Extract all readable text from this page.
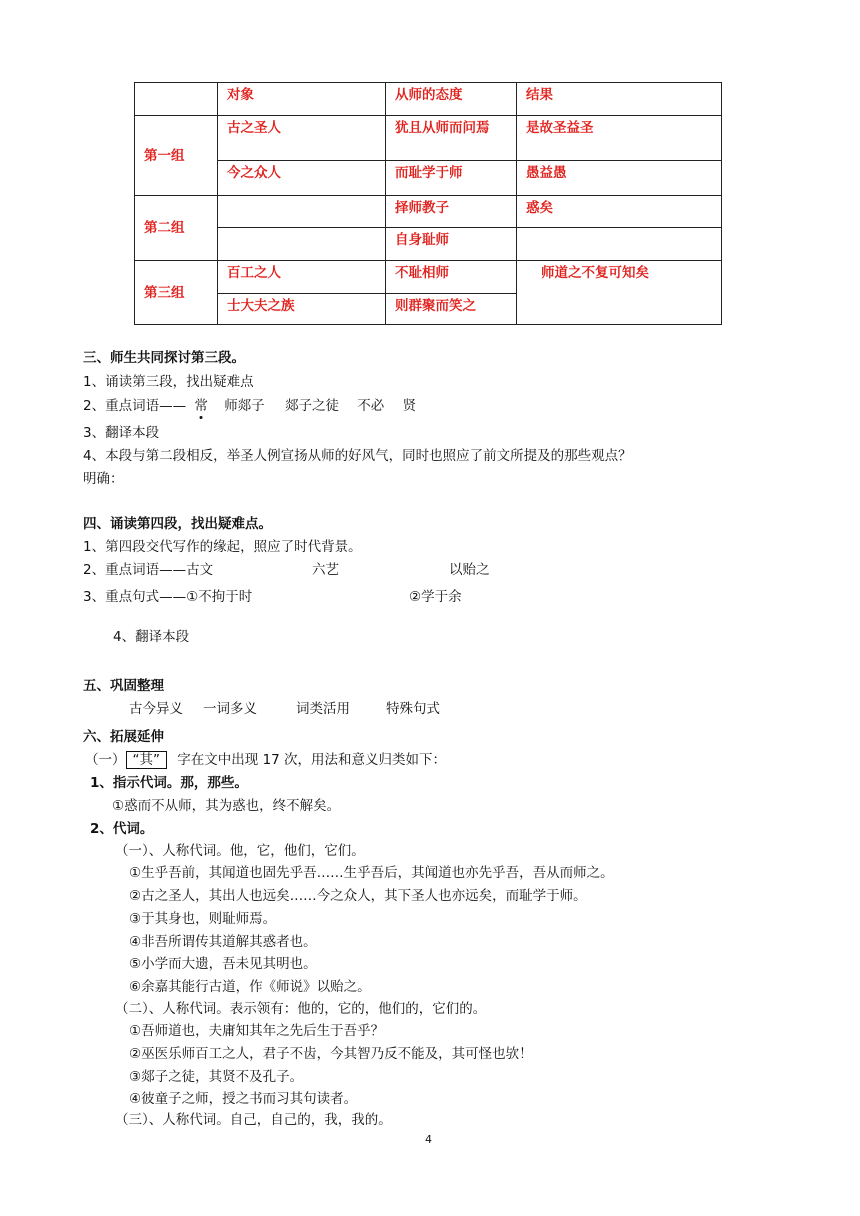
	对象	从师的态度	结果
第一组	古之圣人	犹且从师而问焉	是故圣益圣
	今之众人	而耻学于师	愚益愚
第二组		择师教子	惑矣
		自身耻师	
第三组	百工之人	不耻相师	师道之不复可知矣
	士大夫之族	则群聚而笑之	
三、师生共同探讨第三段。
1、诵读第三段，找出疑难点
2、重点词语—— 常 师郯子 郯子之徒 不必 贤
3、翻译本段
4、本段与第二段相反，举圣人例宣扬从师的好风气，同时也照应了前文所提及的那些观点？
明确：
四、诵读第四段，找出疑难点。
1、第四段交代写作的缘起，照应了时代背景。
2、重点词语——古文	六艺	以贻之
3、重点句式——①不拘于时	②学于余
4、翻译本段
五、巩固整理
古今异义 一词多义	词类活用	特殊句式
六、拓展延伸
（一） “其” 字在文中出现 17 次，用法和意义归类如下：
1、指示代词。那，那些。
①惑而不从师，其为惑也，终不解矣。
2、代词。
（一）、人称代词。他，它，他们，它们。
①生乎吾前，其闻道也固先乎吾……生乎吾后，其闻道也亦先乎吾，吾从而师之。
②古之圣人，其出人也远矣……今之众人，其下圣人也亦远矣，而耻学于师。
③于其身也，则耻师焉。
④非吾所谓传其道解其惑者也。
⑤小学而大遗，吾未见其明也。
⑥余嘉其能行古道，作《师说》以贻之。
（二）、人称代词。表示领有：他的，它的，他们的，它们的。
①吾师道也，夫庸知其年之先后生于吾乎？
②巫医乐师百工之人，君子不齿，今其智乃反不能及，其可怪也欤！
③郯子之徒，其贤不及孔子。
④彼童子之师，授之书而习其句读者。
（三）、人称代词。自己，自己的，我，我的。
4
